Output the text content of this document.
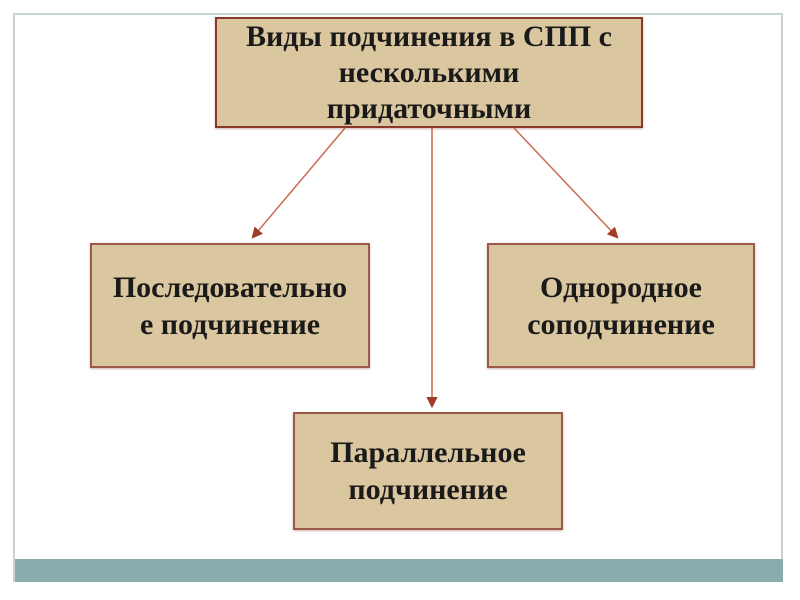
Виды подчинения в СПП с
несколькими
придаточными
Последовательно
е подчинение
Однородное
соподчинение
Параллельное
подчинение
